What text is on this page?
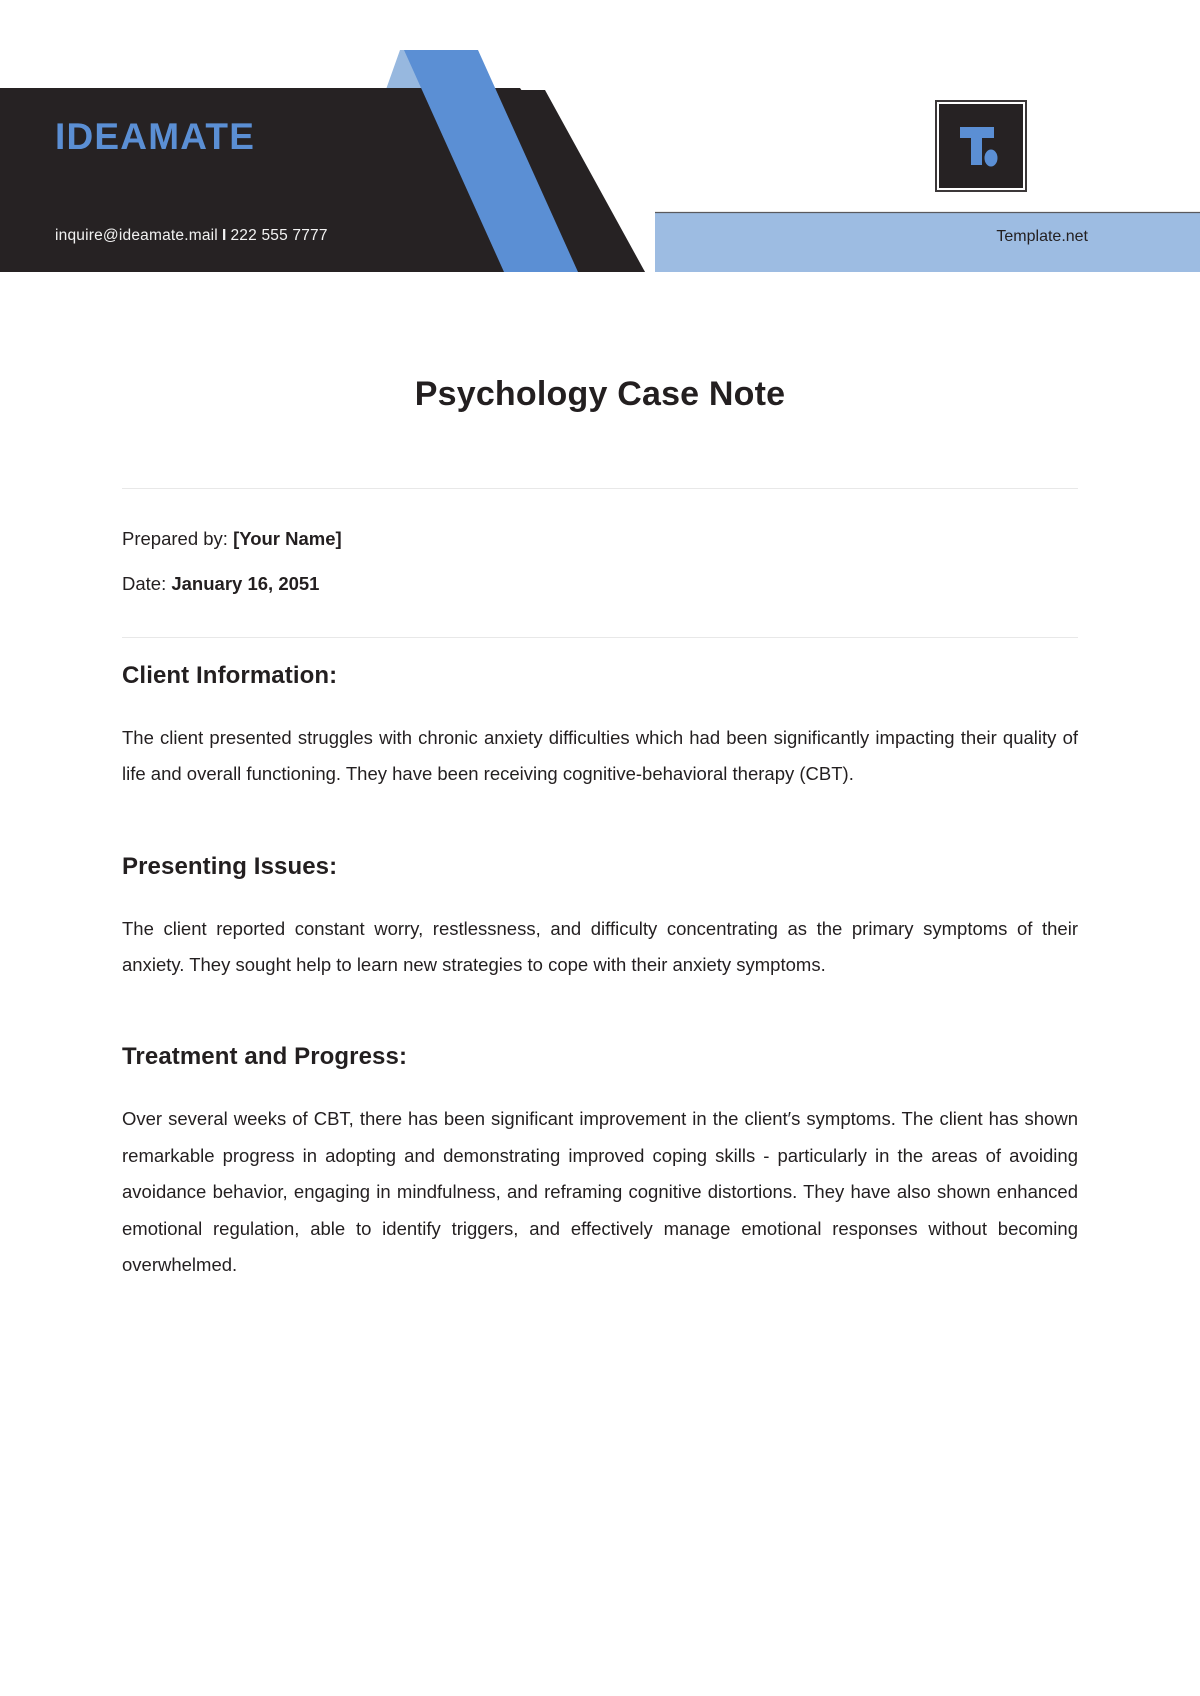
IDEAMATE
inquire@ideamate.mail I 222 555 7777	Template.net
Psychology Case Note

Prepared by: [Your Name]

Date: January 16, 2051

Client Information:

The client presented struggles with chronic anxiety difficulties which had been significantly impacting their quality of life and overall functioning. They have been receiving cognitive-behavioral therapy (CBT).

Presenting Issues:

The client reported constant worry, restlessness, and difficulty concentrating as the primary symptoms of their anxiety. They sought help to learn new strategies to cope with their anxiety symptoms.

Treatment and Progress:

Over several weeks of CBT, there has been significant improvement in the client′s symptoms. The client has shown remarkable progress in adopting and demonstrating improved coping skills - particularly in the areas of avoiding avoidance behavior, engaging in mindfulness, and reframing cognitive distortions. They have also shown enhanced emotional regulation, able to identify triggers, and effectively manage emotional responses without becoming overwhelmed.
